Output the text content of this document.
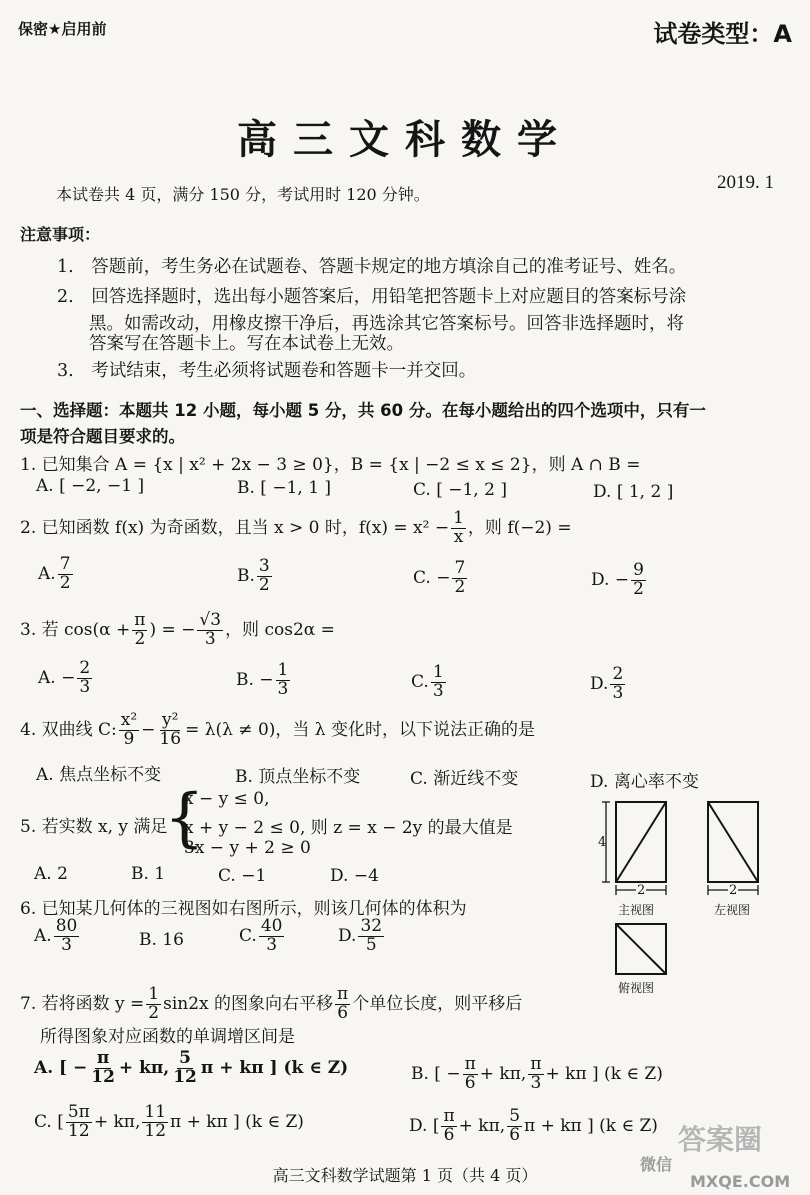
保密★启用前	试卷类型：A
高三文科数学
2019. 1
本试卷共 4 页，满分 150 分，考试用时 120 分钟。
注意事项：
1.　答题前，考生务必在试题卷、答题卡规定的地方填涂自己的准考证号、姓名。
2.　回答选择题时，选出每小题答案后，用铅笔把答题卡上对应题目的答案标号涂
黑。如需改动，用橡皮擦干净后，再选涂其它答案标号。回答非选择题时，将
答案写在答题卡上。写在本试卷上无效。
3.　考试结束，考生必须将试题卷和答题卡一并交回。
一、选择题：本题共 12 小题，每小题 5 分，共 60 分。在每小题给出的四个选项中，只有一
项是符合题目要求的。
1. 已知集合 A = {x | x² + 2x − 3 ≥ 0}，B = {x | −2 ≤ x ≤ 2}，则 A ∩ B =
A. [ −2, −1 ]	B. [ −1, 1 ]	C. [ −1, 2 ]	D. [ 1, 2 ]
2. 已知函数 f(x) 为奇函数，且当 x > 0 时，$f(x) = x^2 - \frac{1}{x}$ ，则 f(−2) =
A. $\frac{7}{2}$	B. $\frac{3}{2}$	C. − $\frac{7}{2}$	D. − $\frac{9}{2}$
3. 若 $\cos(\alpha + \frac{\pi}{2}$ ) = − $\frac{√3}{3}$ ，则 cos2α =
A. − $\frac{2}{3}$	B. − $\frac{1}{3}$	C. $\frac{1}{3}$	D. $\frac{2}{3}$
4. 双曲线 C: $\frac{\text{x²}}{9} - \frac{\text{y²}}{16} = \lambda(\lambda \ne 0)$，当 λ 变化时，以下说法正确的是
A. 焦点坐标不变	B. 顶点坐标不变	C. 渐近线不变	D. 离心率不变
5. 若实数 x, y 满足
{
x − y ≤ 0,
x + y − 2 ≤ 0, 则 z = x − 2y 的最大值是
3x − y + 2 ≥ 0
A. 2	B. 1	C. −1	D. −4
6. 已知某几何体的三视图如右图所示，则该几何体的体积为
A. $\frac{80}{3}$	B. 16	C. $\frac{40}{3}$	D. $\frac{32}{5}$
4
2
主视图
2
左视图
俯视图
7. 若将函数 $y = \frac{1}{2} \sin 2x$ 的图象向右平移 $\frac{\pi}{6}$ 个单位长度，则平移后
所得图象对应函数的单调增区间是
A. [ − $\frac{\pi}{12} + k\pi$, $\frac{5}{12}$ π + kπ ] (k ∈ Z)	B. [ − $\frac{\pi}{6} + k\pi$, $\frac{\pi}{3} + k\pi$ ] (k ∈ Z)
C. [ $\frac{5\pi}{12} + k\pi$, $\frac{11}{12}$ π + kπ ] (k ∈ Z)	D. [ $\frac{\pi}{6} + k\pi$, $\frac{5}{6}$ π + kπ ] (k ∈ Z) 答案圈
微信
MXQE.COM
高三文科数学试题第 1 页（共 4 页）
